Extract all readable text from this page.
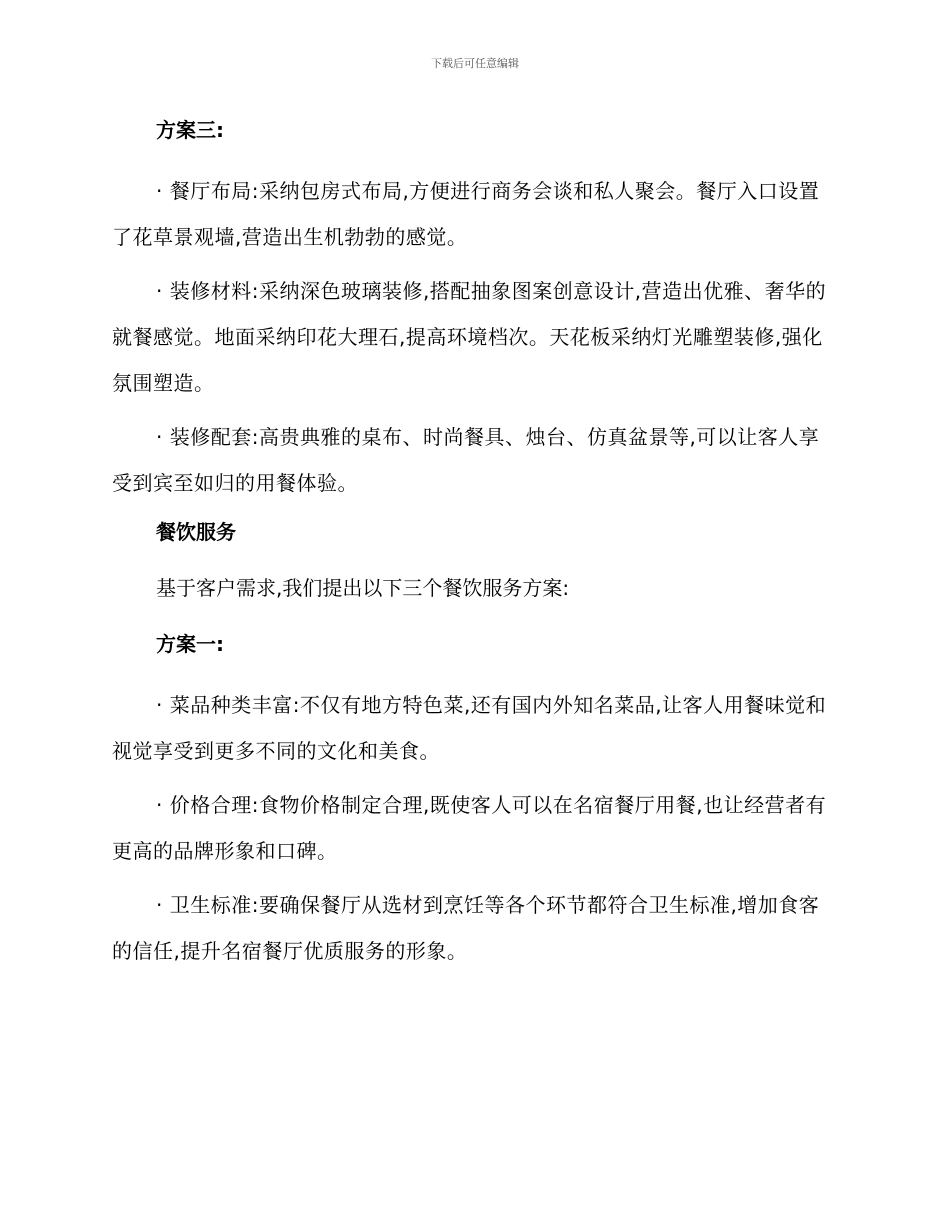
下载后可任意编辑
方案三:

· 餐厅布局:采纳包房式布局,方便进行商务会谈和私人聚会。餐厅入口设置了花草景观墙,营造出生机勃勃的感觉。

· 装修材料:采纳深色玻璃装修,搭配抽象图案创意设计,营造出优雅、奢华的就餐感觉。地面采纳印花大理石,提高环境档次。天花板采纳灯光雕塑装修,强化氛围塑造。

· 装修配套:高贵典雅的桌布、时尚餐具、烛台、仿真盆景等,可以让客人享受到宾至如归的用餐体验。

餐饮服务
基于客户需求,我们提出以下三个餐饮服务方案:
方案一:

· 菜品种类丰富:不仅有地方特色菜,还有国内外知名菜品,让客人用餐味觉和视觉享受到更多不同的文化和美食。

· 价格合理:食物价格制定合理,既使客人可以在名宿餐厅用餐,也让经营者有更高的品牌形象和口碑。

· 卫生标准:要确保餐厅从选材到烹饪等各个环节都符合卫生标准,增加食客的信任,提升名宿餐厅优质服务的形象。
